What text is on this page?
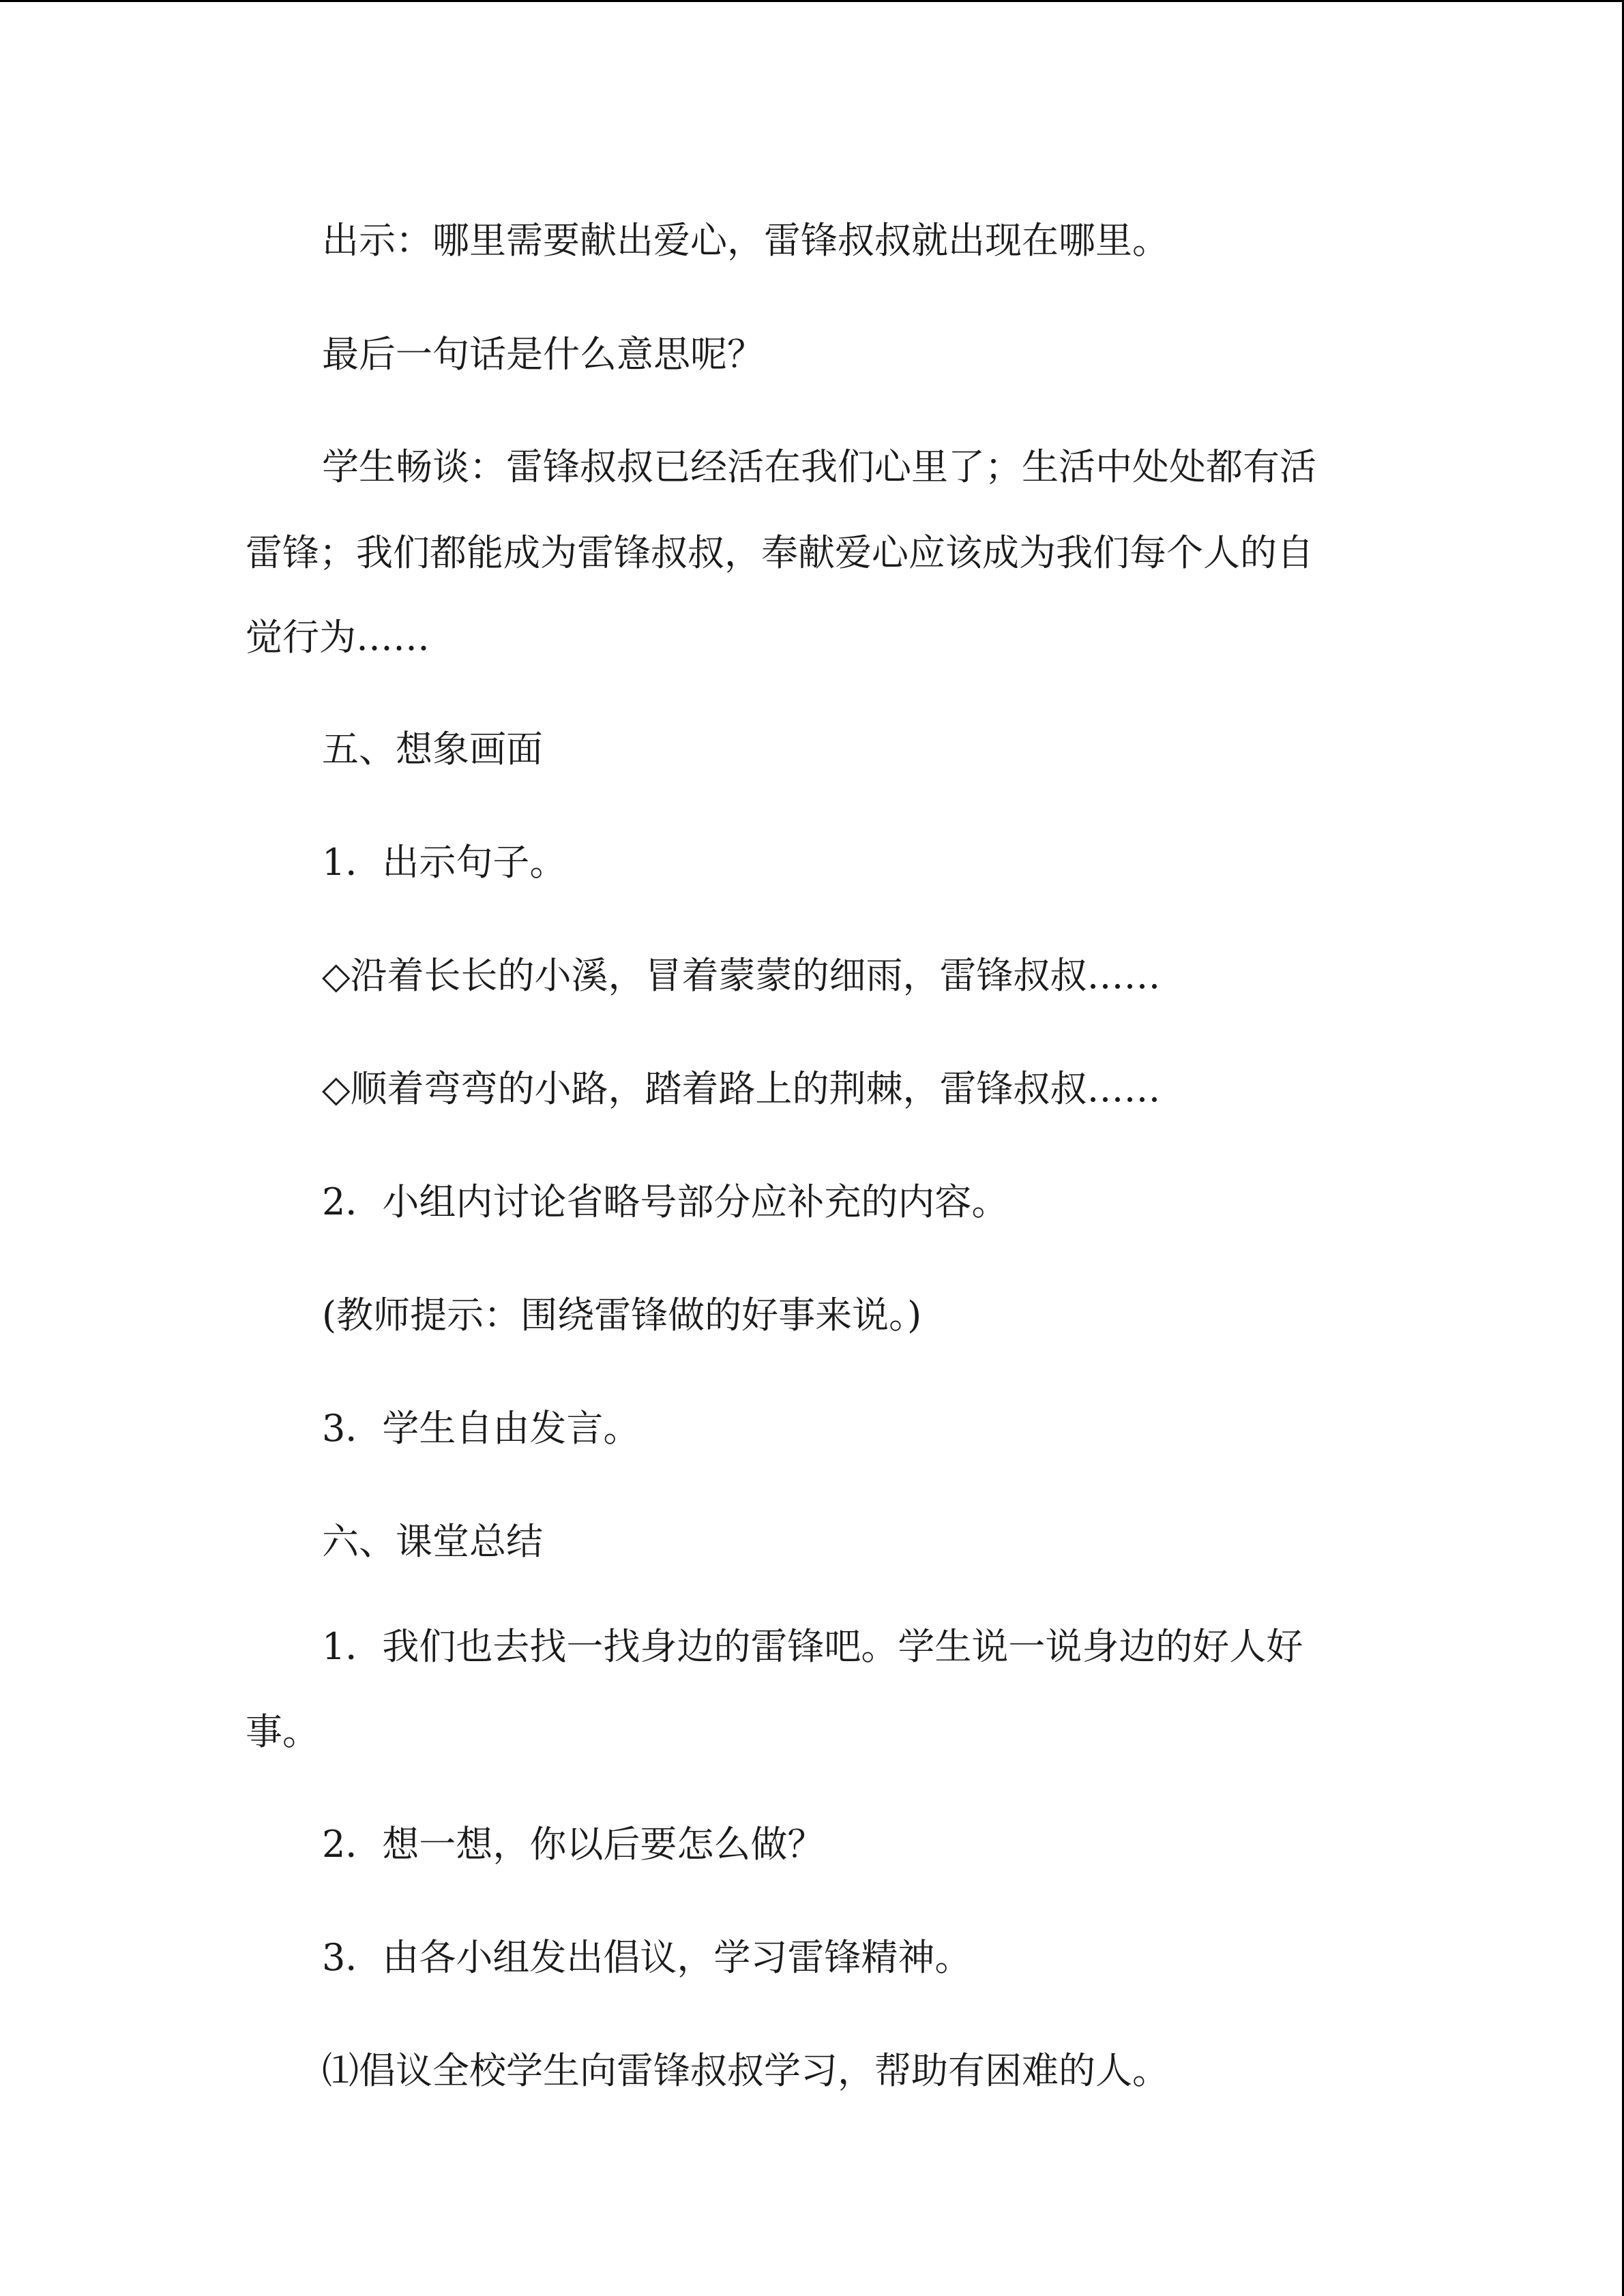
出示：哪里需要献出爱心，雷锋叔叔就出现在哪里。
最后一句话是什么意思呢？
学生畅谈：雷锋叔叔已经活在我们心里了；生活中处处都有活
雷锋；我们都能成为雷锋叔叔，奉献爱心应该成为我们每个人的自
觉行为……
五、想象画面
1．出示句子。
◇沿着长长的小溪，冒着蒙蒙的细雨，雷锋叔叔……
◇顺着弯弯的小路，踏着路上的荆棘，雷锋叔叔……
2．小组内讨论省略号部分应补充的内容。
(教师提示：围绕雷锋做的好事来说。)
3．学生自由发言。
六、课堂总结
1．我们也去找一找身边的雷锋吧。学生说一说身边的好人好
事。
2．想一想，你以后要怎么做？
3．由各小组发出倡议，学习雷锋精神。
⑴倡议全校学生向雷锋叔叔学习，帮助有困难的人。
